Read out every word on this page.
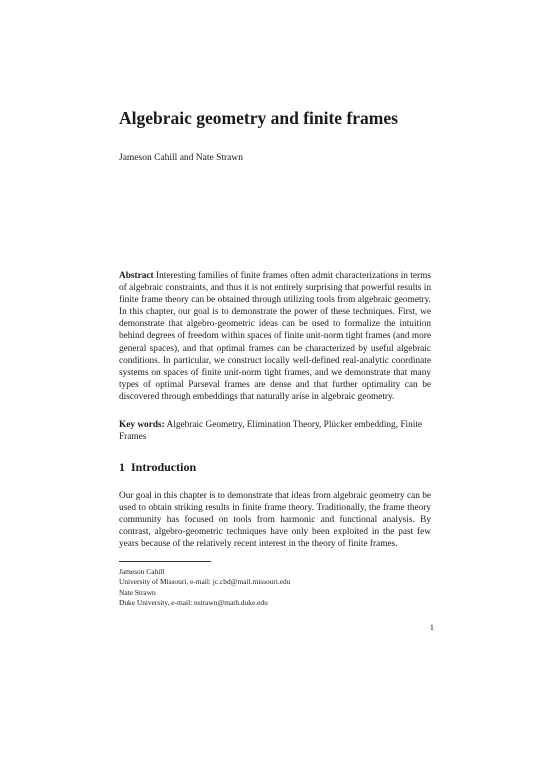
Algebraic geometry and finite frames
Jameson Cahill and Nate Strawn

Abstract Interesting families of finite frames often admit characterizations in terms of algebraic constraints, and thus it is not entirely surprising that powerful results in finite frame theory can be obtained through utilizing tools from algebraic geometry. In this chapter, our goal is to demonstrate the power of these techniques. First, we demonstrate that algebro-geometric ideas can be used to formalize the intuition behind degrees of freedom within spaces of finite unit-norm tight frames (and more general spaces), and that optimal frames can be characterized by useful algebraic conditions. In particular, we construct locally well-defined real-analytic coordinate systems on spaces of finite unit-norm tight frames, and we demonstrate that many types of optimal Parseval frames are dense and that further optimality can be discovered through embeddings that naturally arise in algebraic geometry.

Key words: Algebraic Geometry, Elimination Theory, Plücker embedding, Finite Frames

1 Introduction

Our goal in this chapter is to demonstrate that ideas from algebraic geometry can be used to obtain striking results in finite frame theory. Traditionally, the frame theory community has focused on tools from harmonic and functional analysis. By contrast, algebro-geometric techniques have only been exploited in the past few years because of the relatively recent interest in the theory of finite frames.

Jameson Cahill
University of Missouri, e-mail: jc.cbd@mail.missouri.edu
Nate Strawn
Duke University, e-mail: nstrawn@math.duke.edu
1
